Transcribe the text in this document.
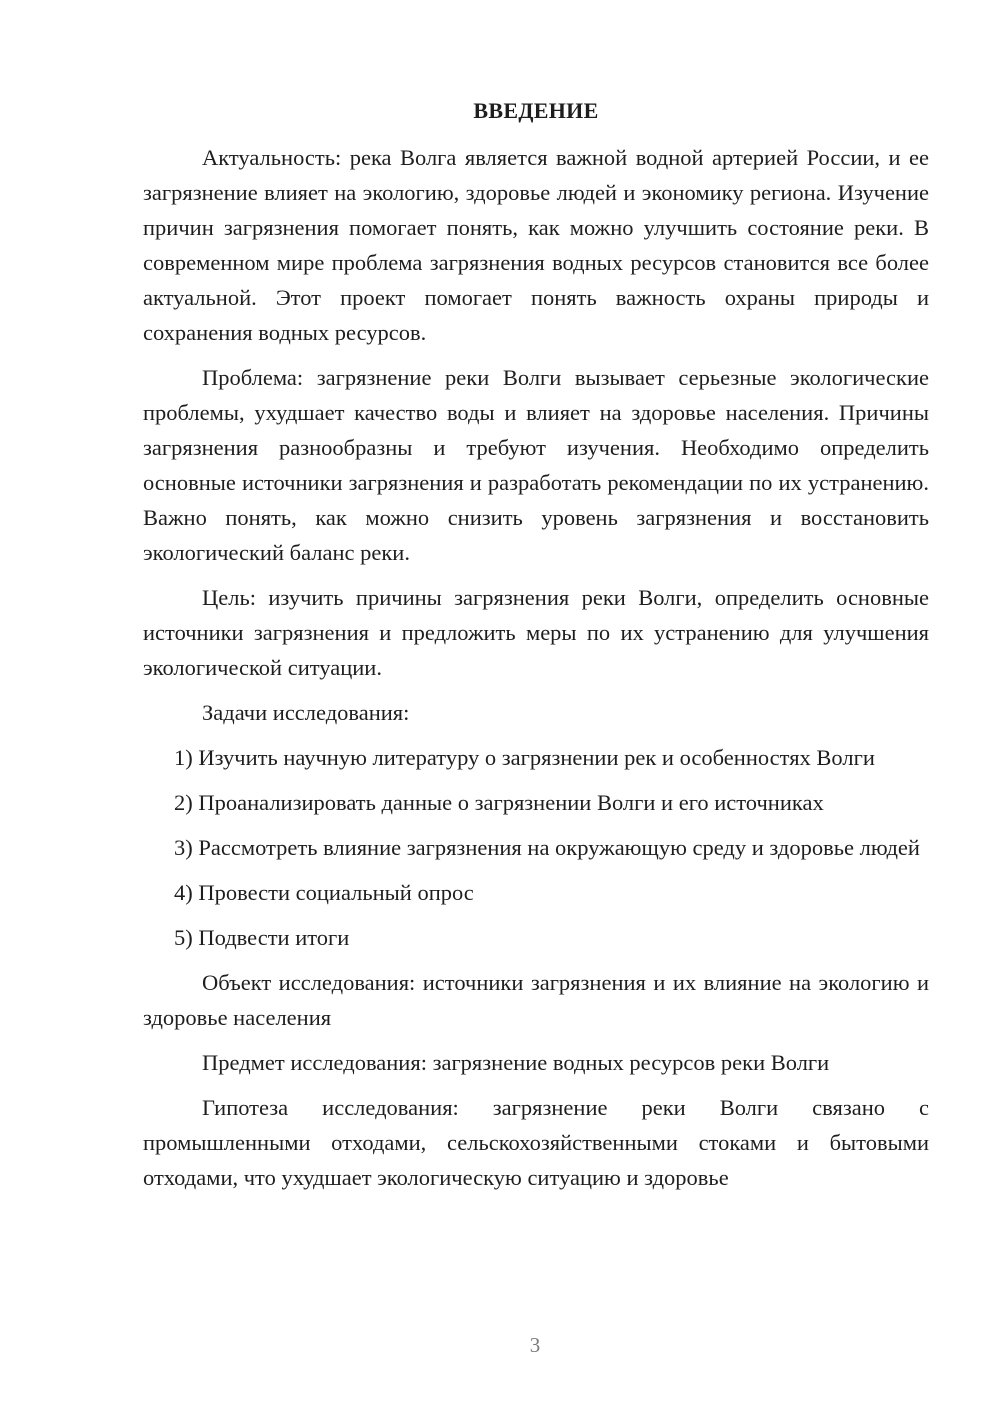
ВВЕДЕНИЕ

Актуальность: река Волга является важной водной артерией России, и ее загрязнение влияет на экологию, здоровье людей и экономику региона. Изучение причин загрязнения помогает понять, как можно улучшить состояние реки. В современном мире проблема загрязнения водных ресурсов становится все более актуальной. Этот проект помогает понять важность охраны природы и сохранения водных ресурсов.

Проблема: загрязнение реки Волги вызывает серьезные экологические проблемы, ухудшает качество воды и влияет на здоровье населения. Причины загрязнения разнообразны и требуют изучения. Необходимо определить основные источники загрязнения и разработать рекомендации по их устранению. Важно понять, как можно снизить уровень загрязнения и восстановить экологический баланс реки.

Цель: изучить причины загрязнения реки Волги, определить основные источники загрязнения и предложить меры по их устранению для улучшения экологической ситуации.

Задачи исследования:

1) Изучить научную литературу о загрязнении рек и особенностях Волги

2) Проанализировать данные о загрязнении Волги и его источниках

3) Рассмотреть влияние загрязнения на окружающую среду и здоровье людей

4) Провести социальный опрос

5) Подвести итоги

Объект исследования: источники загрязнения и их влияние на экологию и здоровье населения

Предмет исследования: загрязнение водных ресурсов реки Волги

Гипотеза исследования: загрязнение реки Волги связано с промышленными отходами, сельскохозяйственными стоками и бытовыми отходами, что ухудшает экологическую ситуацию и здоровье

3
